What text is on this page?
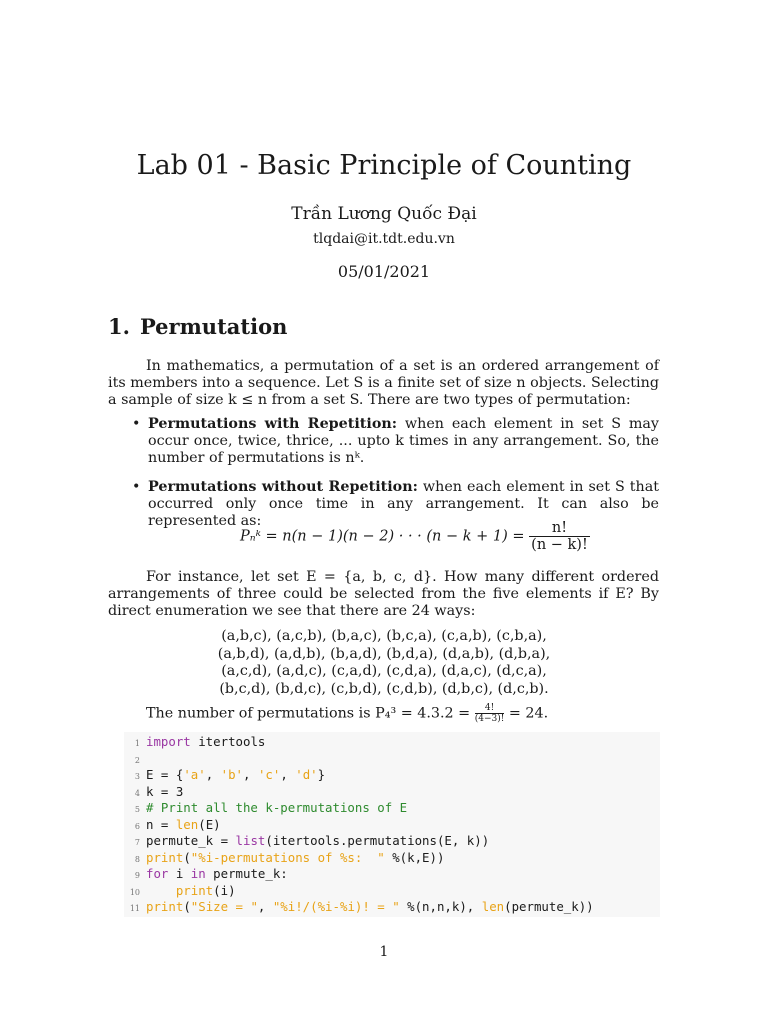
Lab 01 - Basic Principle of Counting
Trần Lương Quốc Đại
tlqdai@it.tdt.edu.vn
05/01/2021
1. Permutation

In mathematics, a permutation of a set is an ordered arrangement of its members into a sequence. Let S is a finite set of size n objects. Selecting a sample of size k ≤ n from a set S. There are two types of permutation:

• Permutations with Repetition: when each element in set S may occur once, twice, thrice, ... upto k times in any arrangement. So, the number of permutations is nᵏ.
• Permutations without Repetition: when each element in set S that occurred only once time in any arrangement. It can also be represented as:
Pₙᵏ = n(n − 1)(n − 2) · · · $(n - k + 1) = \frac{n!}{(n - k)!}$

For instance, let set E = {a, b, c, d}. How many different ordered arrangements of three could be selected from the five elements if E? By direct enumeration we see that there are 24 ways:

(a,b,c), (a,c,b), (b,a,c), (b,c,a), (c,a,b), (c,b,a),
(a,b,d), (a,d,b), (b,a,d), (b,d,a), (d,a,b), (d,b,a),
(a,c,d), (a,d,c), (c,a,d), (c,d,a), (d,a,c), (d,c,a),
(b,c,d), (b,d,c), (c,b,d), (c,d,b), (d,b,c), (d,c,b).
The number of permutations is $P_4^3 = 4.3.2 = \frac{4!}{(4-3)!} = 24$.
1 import itertools
2
3 E = {'a', 'b', 'c', 'd'}
4 k = 3
5 # Print all the k-permutations of E
6 n = len(E)
7 permute_k = list(itertools.permutations(E, k))
8 print("%i-permutations of %s:  " %(k,E))
9 for i in permute_k:
10	print(i)
11 print("Size = ", "%i!/(%i-%i)! = " %(n,n,k), len(permute_k))
1
